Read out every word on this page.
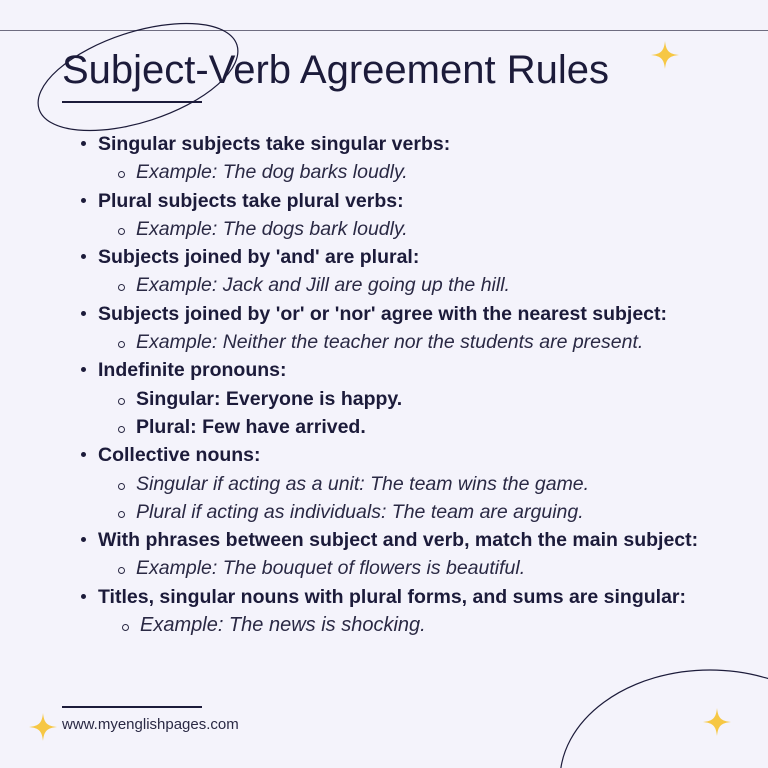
Subject-Verb Agreement Rules
Singular subjects take singular verbs:
Example: The dog barks loudly.
Plural subjects take plural verbs:
Example: The dogs bark loudly.
Subjects joined by 'and' are plural:
Example: Jack and Jill are going up the hill.
Subjects joined by 'or' or 'nor' agree with the nearest subject:
Example: Neither the teacher nor the students are present.
Indefinite pronouns:
Singular: Everyone is happy.
Plural: Few have arrived.
Collective nouns:
Singular if acting as a unit: The team wins the game.
Plural if acting as individuals: The team are arguing.
With phrases between subject and verb, match the main subject:
Example: The bouquet of flowers is beautiful.
Titles, singular nouns with plural forms, and sums are singular:
Example: The news is shocking.
www.myenglishpages.com
